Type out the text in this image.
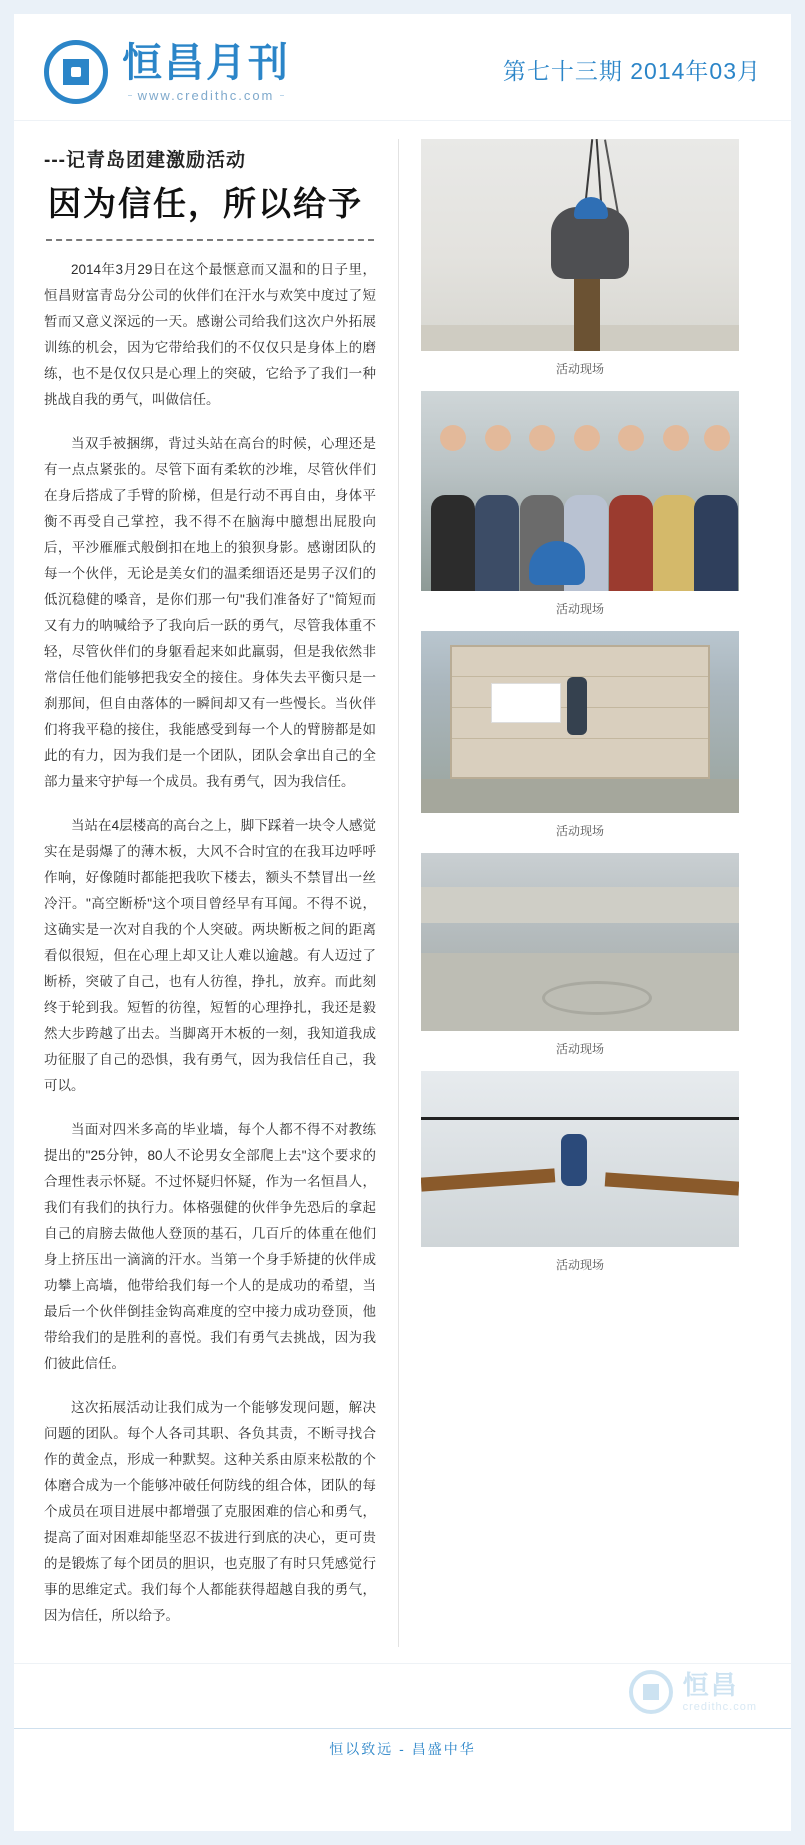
恒昌月刊
www.credithc.com
第七十三期 2014年03月
---记青岛团建激励活动
因为信任，所以给予

2014年3月29日在这个最惬意而又温和的日子里，恒昌财富青岛分公司的伙伴们在汗水与欢笑中度过了短暂而又意义深远的一天。感谢公司给我们这次户外拓展训练的机会，因为它带给我们的不仅仅只是身体上的磨练，也不是仅仅只是心理上的突破，它给予了我们一种挑战自我的勇气，叫做信任。

当双手被捆绑，背过头站在高台的时候，心理还是有一点点紧张的。尽管下面有柔软的沙堆，尽管伙伴们在身后搭成了手臂的阶梯，但是行动不再自由，身体平衡不再受自己掌控，我不得不在脑海中臆想出屁股向后，平沙雁雁式般倒扣在地上的狼狈身影。感谢团队的每一个伙伴，无论是美女们的温柔细语还是男子汉们的低沉稳健的嗓音，是你们那一句"我们准备好了"简短而又有力的呐喊给予了我向后一跃的勇气，尽管我体重不轻，尽管伙伴们的身躯看起来如此羸弱，但是我依然非常信任他们能够把我安全的接住。身体失去平衡只是一刹那间，但自由落体的一瞬间却又有一些慢长。当伙伴们将我平稳的接住，我能感受到每一个人的臂膀都是如此的有力，因为我们是一个团队，团队会拿出自己的全部力量来守护每一个成员。我有勇气，因为我信任。

当站在4层楼高的高台之上，脚下踩着一块令人感觉实在是弱爆了的薄木板，大风不合时宜的在我耳边呼呼作响，好像随时都能把我吹下楼去，额头不禁冒出一丝冷汗。"高空断桥"这个项目曾经早有耳闻。不得不说，这确实是一次对自我的个人突破。两块断板之间的距离看似很短，但在心理上却又让人难以逾越。有人迈过了断桥，突破了自己，也有人彷徨，挣扎，放弃。而此刻终于轮到我。短暂的彷徨，短暂的心理挣扎，我还是毅然大步跨越了出去。当脚离开木板的一刻，我知道我成功征服了自己的恐惧，我有勇气，因为我信任自己，我可以。

当面对四米多高的毕业墙，每个人都不得不对教练提出的"25分钟，80人不论男女全部爬上去"这个要求的合理性表示怀疑。不过怀疑归怀疑，作为一名恒昌人，我们有我们的执行力。体格强健的伙伴争先恐后的拿起自己的肩膀去做他人登顶的基石，几百斤的体重在他们身上挤压出一滴滴的汗水。当第一个身手矫捷的伙伴成功攀上高墙，他带给我们每一个人的是成功的希望，当最后一个伙伴倒挂金钩高难度的空中接力成功登顶，他带给我们的是胜利的喜悦。我们有勇气去挑战，因为我们彼此信任。

这次拓展活动让我们成为一个能够发现问题，解决问题的团队。每个人各司其职、各负其责，不断寻找合作的黄金点，形成一种默契。这种关系由原来松散的个体磨合成为一个能够冲破任何防线的组合体，团队的每个成员在项目进展中都增强了克服困难的信心和勇气，提高了面对困难却能坚忍不拔进行到底的决心，更可贵的是锻炼了每个团员的胆识，也克服了有时只凭感觉行事的思维定式。我们每个人都能获得超越自我的勇气，因为信任，所以给予。

活动现场
活动现场
活动现场
活动现场
活动现场
恒昌
credithc.com
恒以致远 - 昌盛中华
